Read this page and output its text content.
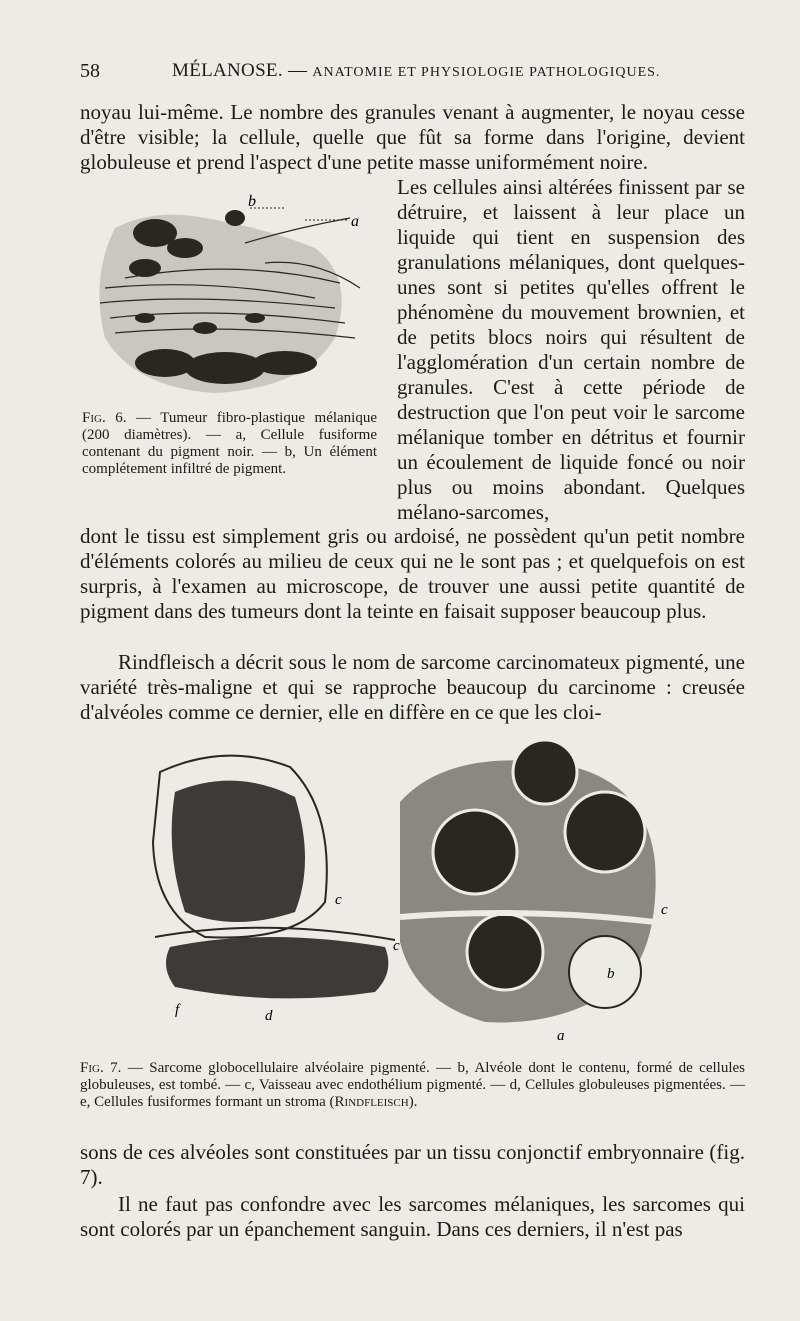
58	MÉLANOSE. — ANATOMIE ET PHYSIOLOGIE PATHOLOGIQUES.

noyau lui-même. Le nombre des granules venant à augmenter, le noyau cesse d'être visible; la cellule, quelle que fût sa forme dans l'origine, devient globuleuse et prend l'aspect d'une petite masse uniformément noire.

b
a

Fig. 6. — Tumeur fibro-plastique mélanique (200 diamètres). — a, Cellule fusiforme contenant du pigment noir. — b, Un élément complétement infiltré de pigment.

Les cellules ainsi altérées finissent par se détruire, et laissent à leur place un liquide qui tient en suspension des granulations mélaniques, dont quelques-unes sont si petites qu'elles offrent le phénomène du mouvement brownien, et de petits blocs noirs qui résultent de l'agglomération d'un certain nombre de granules. C'est à cette période de destruction que l'on peut voir le sarcome mélanique tomber en détritus et fournir un écoulement de liquide foncé ou noir plus ou moins abondant. Quelques mélano-sarcomes,

dont le tissu est simplement gris ou ardoisé, ne possèdent qu'un petit nombre d'éléments colorés au milieu de ceux qui ne le sont pas ; et quelquefois on est surpris, à l'examen au microscope, de trouver une aussi petite quantité de pigment dans des tumeurs dont la teinte en faisait supposer beaucoup plus.

Rindfleisch a décrit sous le nom de sarcome carcinomateux pigmenté, une variété très-maligne et qui se rapproche beaucoup du carcinome : creusée d'alvéoles comme ce dernier, elle en diffère en ce que les cloi-

c
c
c
b
d
f
a

Fig. 7. — Sarcome globocellulaire alvéolaire pigmenté. — b, Alvéole dont le contenu, formé de cellules globuleuses, est tombé. — c, Vaisseau avec endothélium pigmenté. — d, Cellules globuleuses pigmentées. — e, Cellules fusiformes formant un stroma (Rindfleisch).

sons de ces alvéoles sont constituées par un tissu conjonctif embryonnaire (fig. 7).

Il ne faut pas confondre avec les sarcomes mélaniques, les sarcomes qui sont colorés par un épanchement sanguin. Dans ces derniers, il n'est pas
